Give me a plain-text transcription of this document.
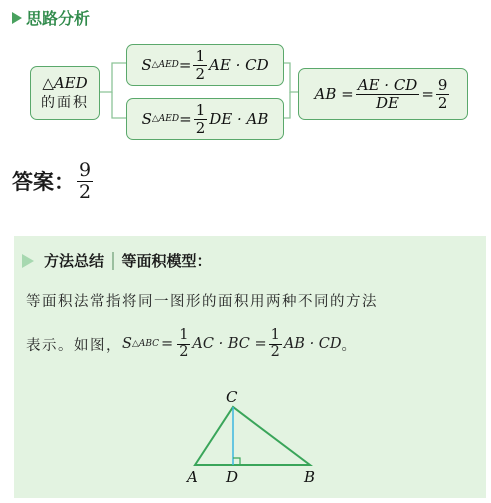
思路分析
△AED
的面积
S △AED = $\frac{1}{2}$ AE · CD
S △AED = $\frac{1}{2}$ DE · AB
AB = $\frac{AE \cdot CD}{DE} = \frac{9}{2}$
答案： $\frac{9}{2}$
方法总结 等面积模型：
等面积法常指将同一图形的面积用两种不同的方法
表示。如图， S △ABC = $\frac{1}{2}$ AC · BC = $\frac{1}{2}$ AB · CD 。
C
A D	B
